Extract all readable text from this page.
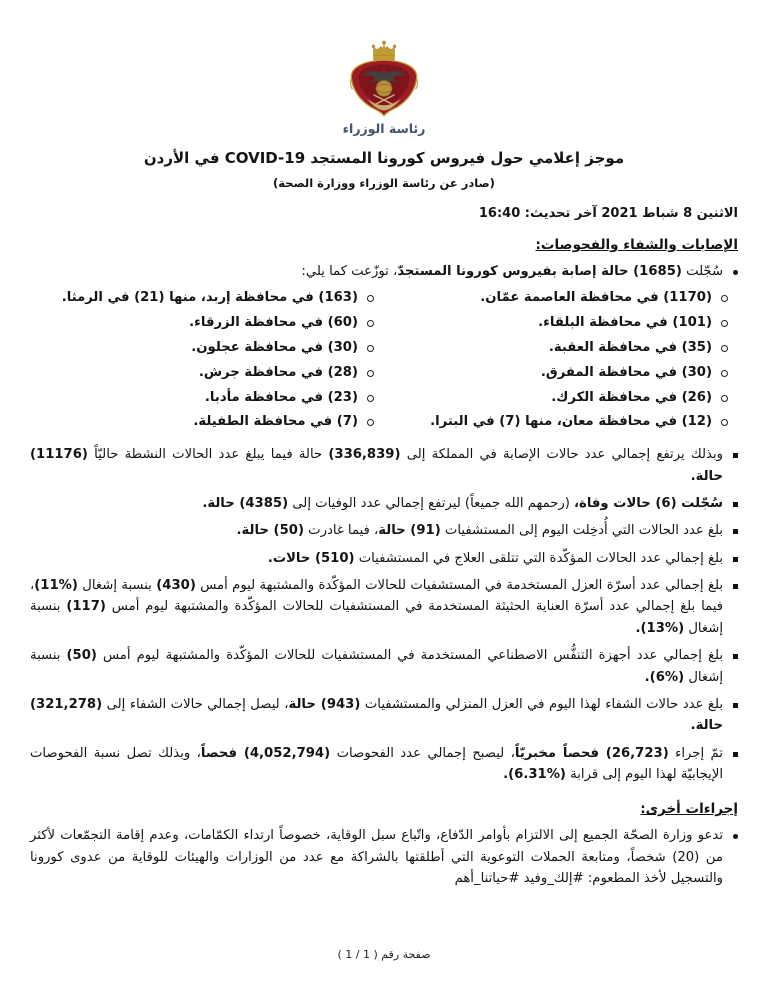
رئاسة الوزراء
موجز إعلامي حول فيروس كورونا المستجد COVID-19 في الأردن
(صادر عن رئاسة الوزراء ووزارة الصحة)
الاثنين 8 شباط 2021 آخر تحديث: 16:40
الإصابات والشفاء والفحوصات:
سُجّلت (1685) حالة إصابة بفيروس كورونا المستجدّ، توزّعت كما يلي:
(1170) في محافظة العاصمة عمّان.
(163) في محافظة إربد، منها (21) في الرمثا.
(101) في محافظة البلقاء.
(60) في محافظة الزرقاء.
(35) في محافظة العقبة.
(30) في محافظة عجلون.
(30) في محافظة المفرق.
(28) في محافظة جرش.
(26) في محافظة الكرك.
(23) في محافظة مأدبا.
(12) في محافظة معان، منها (7) في البترا.
(7) في محافظة الطفيلة.
وبذلك يرتفع إجمالي عدد حالات الإصابة في المملكة إلى (336,839) حالة فيما يبلغ عدد الحالات النشطة حاليّاً (11176) حالة.
سُجّلت (6) حالات وفاة، (رحمهم الله جميعاً) ليرتفع إجمالي عدد الوفيات إلى (4385) حالة.
بلغ عدد الحالات التي أُدخِلت اليوم إلى المستشفيات (91) حالة، فيما غادرت (50) حالة.
بلغ إجمالي عدد الحالات المؤكّدة التي تتلقى العلاج في المستشفيات (510) حالات.
بلغ إجمالي عدد أسرّة العزل المستخدمة في المستشفيات للحالات المؤكّدة والمشتبهة ليوم أمس (430) بنسبة إشغال (%11)، فيما بلغ إجمالي عدد أسرّة العناية الحثيثة المستخدمة في المستشفيات للحالات المؤكّدة والمشتبهة ليوم أمس (117) بنسبة إشغال (%13).
بلغ إجمالي عدد أجهزة التنفُّس الاصطناعي المستخدمة في المستشفيات للحالات المؤكّدة والمشتبهة ليوم أمس (50) بنسبة إشغال (%6).
بلغ عدد حالات الشفاء لهذا اليوم في العزل المنزلي والمستشفيات (943) حالة، ليصل إجمالي حالات الشفاء إلى (321,278) حالة.
تمّ إجراء (26,723) فحصاً مخبريّاً، ليصبح إجمالي عدد الفحوصات (4,052,794) فحصاً، وبذلك تصل نسبة الفحوصات الإيجابيّة لهذا اليوم إلى قرابة (%6.31).
إجراءات أخرى:
تدعو وزارة الصحّة الجميع إلى الالتزام بأوامر الدّفاع، واتّباع سبل الوقاية، خصوصاً ارتداء الكمّامات، وعدم إقامة التجمّعات لأكثر من (20) شخصاً، ومتابعة الحملات التوعوية التي أطلقتها بالشراكة مع عدد من الوزارات والهيئات للوقاية من عدوى كورونا والتسجيل لأخذ المطعوم: #إلك_وفيد #حياتنا_أهم
صفحة رقم ( 1 / 1 )
